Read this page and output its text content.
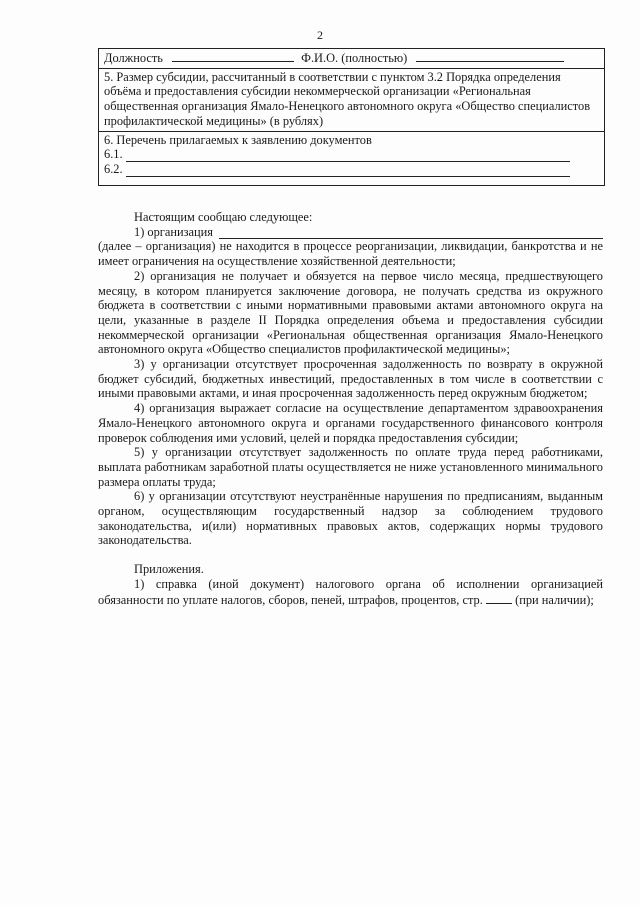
2
Должность	Ф.И.О. (полностью)
5. Размер субсидии, рассчитанный в соответствии с пунктом 3.2 Порядка определения объёма и предоставления субсидии некоммерческой организации «Региональная общественная организация Ямало-Ненецкого автономного округа «Общество специалистов профилактической медицины» (в рублях)

6. Перечень прилагаемых к заявлению документов
6.1.
6.2.

Настоящим сообщаю следующее:

1) организация

(далее – организация) не находится в процессе реорганизации, ликвидации, банкротства и не имеет ограничения на осуществление хозяйственной деятельности;

2) организация не получает и обязуется на первое число месяца, предшествующего месяцу, в котором планируется заключение договора, не получать средства из окружного бюджета в соответствии с иными нормативными правовыми актами автономного округа на цели, указанные в разделе II Порядка определения объема и предоставления субсидии некоммерческой организации «Региональная общественная организация Ямало-Ненецкого автономного округа «Общество специалистов профилактической медицины»;

3) у организации отсутствует просроченная задолженность по возврату в окружной бюджет субсидий, бюджетных инвестиций, предоставленных в том числе в соответствии с иными правовыми актами, и иная просроченная задолженность перед окружным бюджетом;

4) организация выражает согласие на осуществление департаментом здравоохранения Ямало-Ненецкого автономного округа и органами государственного финансового контроля проверок соблюдения ими условий, целей и порядка предоставления субсидии;

5) у организации отсутствует задолженность по оплате труда перед работниками, выплата работникам заработной платы осуществляется не ниже установленного минимального размера оплаты труда;

6) у организации отсутствуют неустранённые нарушения по предписаниям, выданным органом, осуществляющим государственный надзор за соблюдением трудового законодательства, и(или) нормативных правовых актов, содержащих нормы трудового законодательства.

Приложения.

1) справка (иной документ) налогового органа об исполнении организацией обязанности по уплате налогов, сборов, пеней, штрафов, процентов, стр.	(при наличии);
